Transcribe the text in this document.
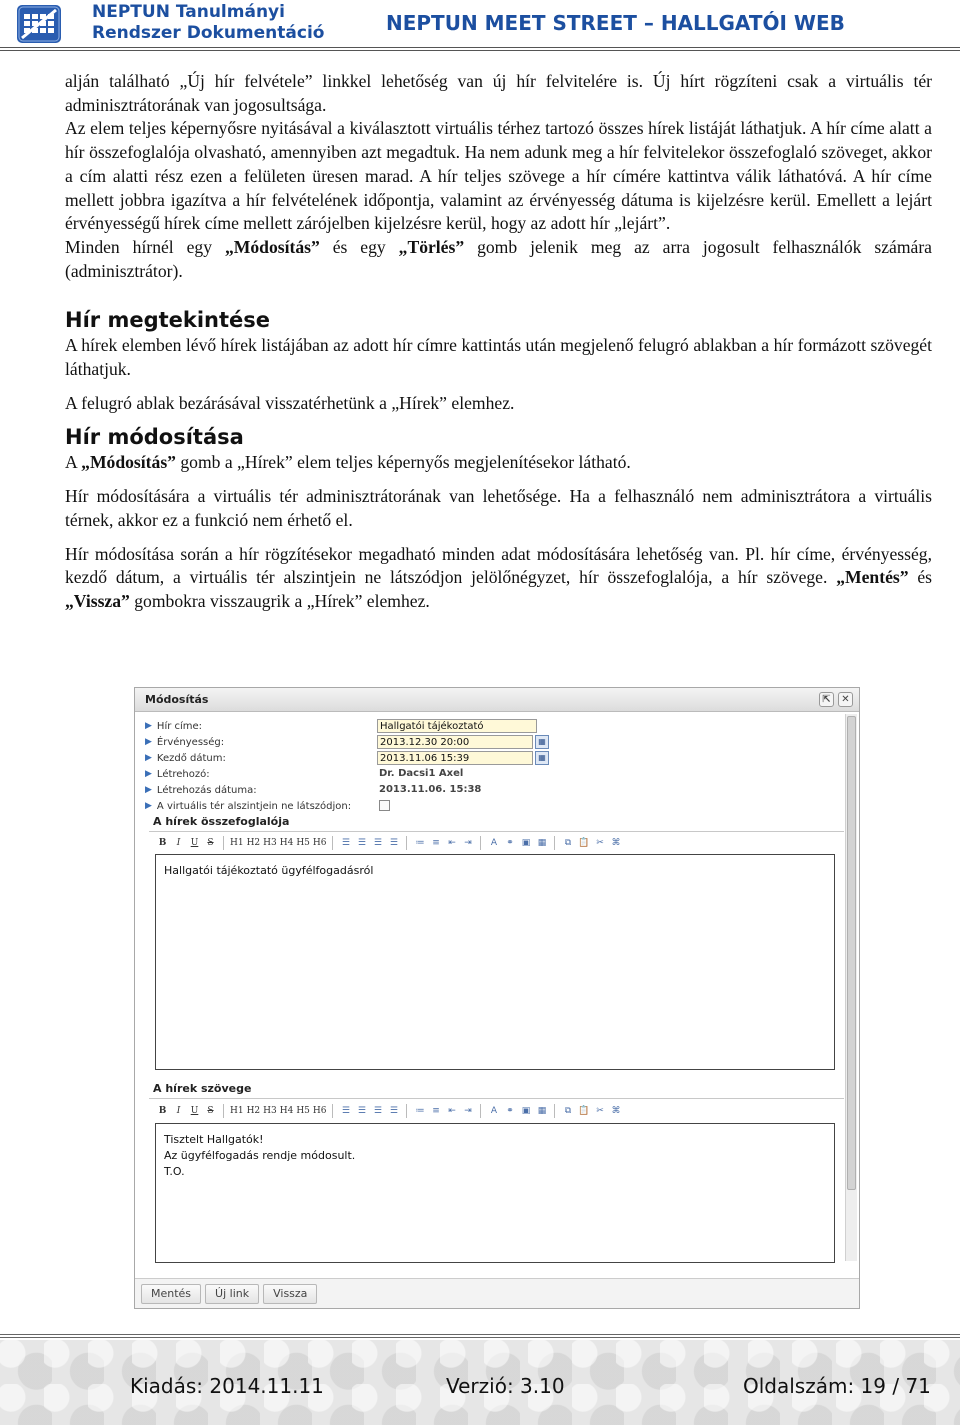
NEPTUN Tanulmányi
Rendszer Dokumentáció	NEPTUN MEET STREET – HALLGATÓI WEB

alján található „Új hír felvétele” linkkel lehetőség van új hír felvitelére is. Új hírt rögzíteni csak a virtuális tér adminisztrátorának van jogosultsága.

Az elem teljes képernyősre nyitásával a kiválasztott virtuális térhez tartozó összes hírek listáját láthatjuk. A hír címe alatt a hír összefoglalója olvasható, amennyiben azt megadtuk. Ha nem adunk meg a hír felvitelekor összefoglaló szöveget, akkor a cím alatti rész ezen a felületen üresen marad. A hír teljes szövege a hír címére kattintva válik láthatóvá. A hír címe mellett jobbra igazítva a hír felvételének időpontja, valamint az érvényesség dátuma is kijelzésre kerül. Emellett a lejárt érvényességű hírek címe mellett zárójelben kijelzésre kerül, hogy az adott hír „lejárt”.

Minden hírnél egy „Módosítás” és egy „Törlés” gomb jelenik meg az arra jogosult felhasználók számára (adminisztrátor).

Hír megtekintése

A hírek elemben lévő hírek listájában az adott hír címre kattintás után megjelenő felugró ablakban a hír formázott szövegét láthatjuk.

A felugró ablak bezárásával visszatérhetünk a „Hírek” elemhez.

Hír módosítása

A „Módosítás” gomb a „Hírek” elem teljes képernyős megjelenítésekor látható.

Hír módosítására a virtuális tér adminisztrátorának van lehetősége. Ha a felhasználó nem adminisztrátora a virtuális térnek, akkor ez a funkció nem érhető el.

Hír módosítása során a hír rögzítésekor megadható minden adat módosítására lehetőség van. Pl. hír címe, érvényesség, kezdő dátum, a virtuális tér alszintjein ne látszódjon jelölőnégyzet, hír összefoglalója, a hír szövege. „Mentés” és „Vissza” gombokra visszaugrik a „Hírek” elemhez.

Módosítás	⇱	✕
▶ Hír címe:	Hallgatói tájékoztató
▶ Érvényesség:	2013.12.30 20:00	▦
▶ Kezdő dátum:	2013.11.06 15:39	▦
▶ Létrehozó:	Dr. Dacsi1 Axel
▶ Létrehozás dátuma:	2013.11.06. 15:38
▶ A virtuális tér alszintjein ne látszódjon:
A hírek összefoglalója
B	I	U	S	H1 H2 H3 H4 H5 H6	☰ ☰ ☰ ☰	≔ ≡ ⇤ ⇥	A	⚭ ▣ ▦	⧉ 📋 ✂ ⌘
Hallgatói tájékoztató ügyfélfogadásról
A hírek szövege
B	I	U	S	H1 H2 H3 H4 H5 H6	☰ ☰ ☰ ☰	≔ ≡ ⇤ ⇥	A	⚭ ▣ ▦	⧉ 📋 ✂ ⌘
Tisztelt Hallgatók!
Az ügyfélfogadás rendje módosult.
T.O.
Mentés	Új link	Vissza
Kiadás: 2014.11.11	Verzió: 3.10	Oldalszám: 19 / 71
